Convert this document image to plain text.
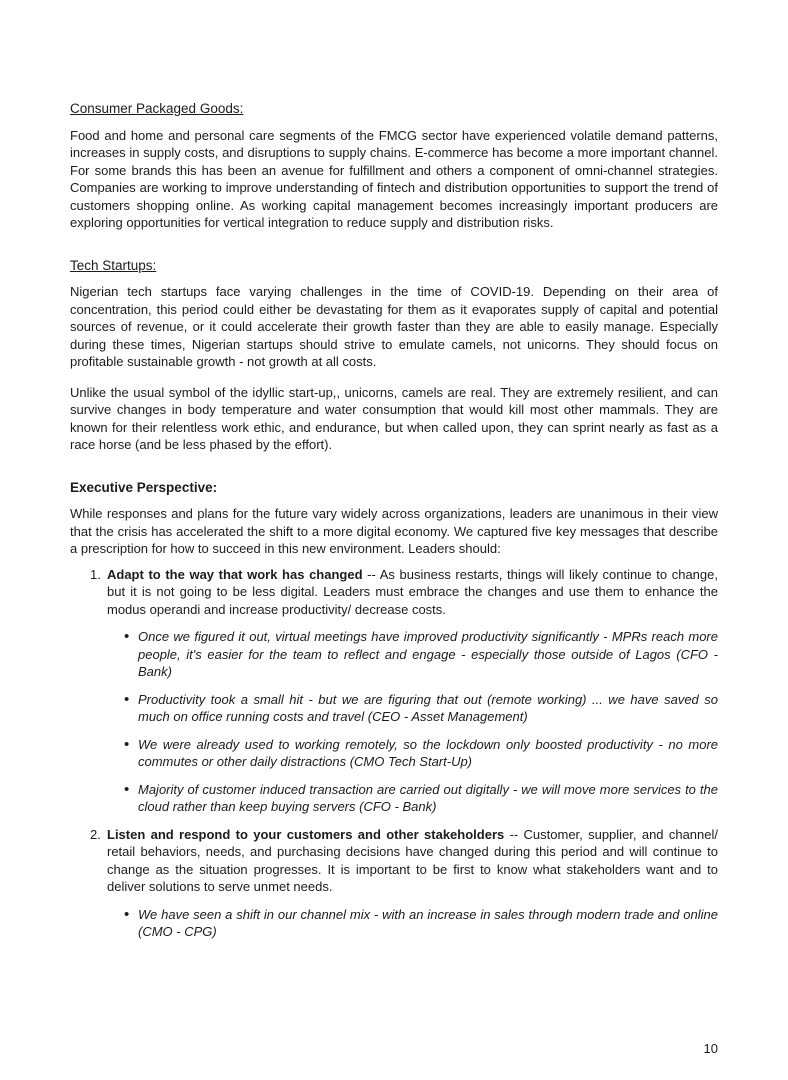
Consumer Packaged Goods:

Food and home and personal care segments of the FMCG sector have experienced volatile demand patterns, increases in supply costs, and disruptions to supply chains. E-commerce has become a more important channel. For some brands this has been an avenue for fulfillment and others a component of omni-channel strategies. Companies are working to improve understanding of fintech and distribution opportunities to support the trend of customers shopping online. As working capital management becomes increasingly important producers are exploring opportunities for vertical integration to reduce supply and distribution risks.

Tech Startups:

Nigerian tech startups face varying challenges in the time of COVID-19. Depending on their area of concentration, this period could either be devastating for them as it evaporates supply of capital and potential sources of revenue, or it could accelerate their growth faster than they are able to easily manage. Especially during these times, Nigerian startups should strive to emulate camels, not unicorns. They should focus on profitable sustainable growth - not growth at all costs.

Unlike the usual symbol of the idyllic start-up,, unicorns, camels are real. They are extremely resilient, and can survive changes in body temperature and water consumption that would kill most other mammals. They are known for their relentless work ethic, and endurance, but when called upon, they can sprint nearly as fast as a race horse (and be less phased by the effort).

Executive Perspective:

While responses and plans for the future vary widely across organizations, leaders are unanimous in their view that the crisis has accelerated the shift to a more digital economy. We captured five key messages that describe a prescription for how to succeed in this new environment. Leaders should:

1. Adapt to the way that work has changed -- As business restarts, things will likely continue to change, but it is not going to be less digital. Leaders must embrace the changes and use them to enhance the modus operandi and increase productivity/ decrease costs.
• Once we figured it out, virtual meetings have improved productivity significantly - MPRs reach more people, it's easier for the team to reflect and engage - especially those outside of Lagos (CFO - Bank)
• Productivity took a small hit - but we are figuring that out (remote working) ... we have saved so much on office running costs and travel (CEO - Asset Management)
• We were already used to working remotely, so the lockdown only boosted productivity - no more commutes or other daily distractions (CMO Tech Start-Up)
• Majority of customer induced transaction are carried out digitally - we will move more services to the cloud rather than keep buying servers (CFO - Bank)
2. Listen and respond to your customers and other stakeholders -- Customer, supplier, and channel/ retail behaviors, needs, and purchasing decisions have changed during this period and will continue to change as the situation progresses. It is important to be first to know what stakeholders want and to deliver solutions to serve unmet needs.
• We have seen a shift in our channel mix - with an increase in sales through modern trade and online (CMO - CPG)
10
